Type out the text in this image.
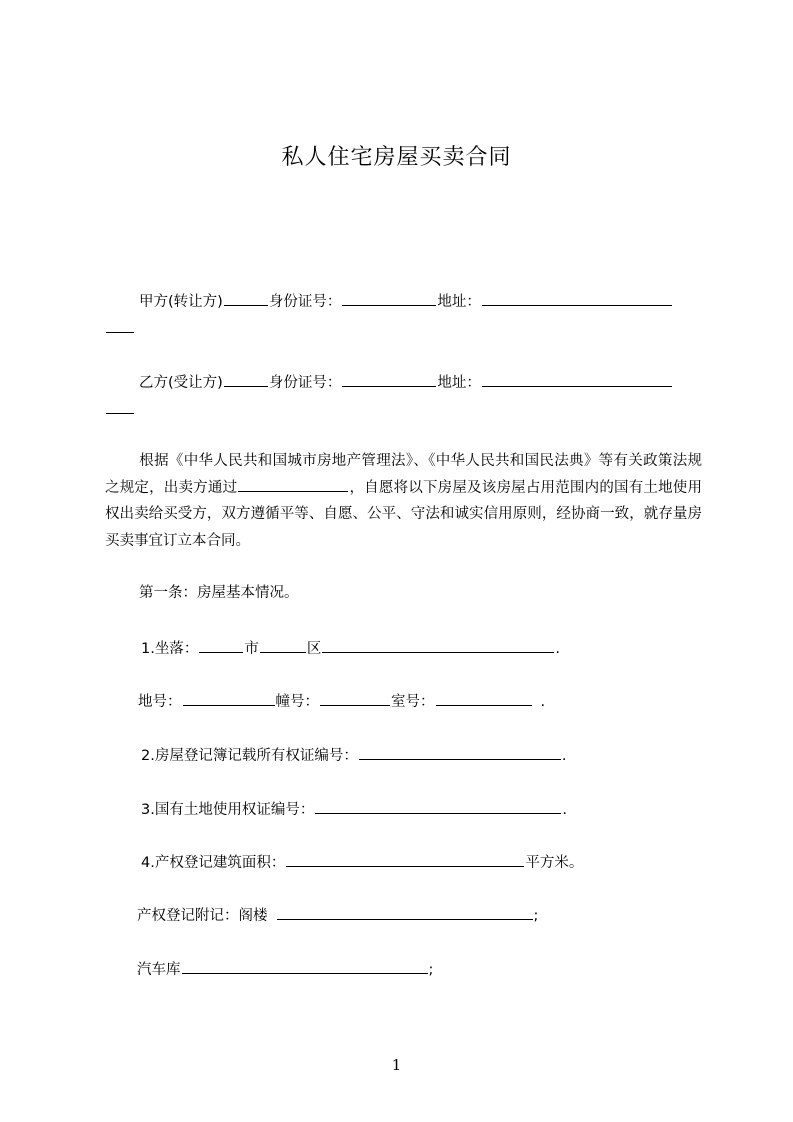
私人住宅房屋买卖合同
甲方(转让方)	身份证号：	地址：
乙方(受让方)	身份证号：	地址：
根据《中华人民共和国城市房地产管理法》、《中华人民共和国民法典》等有关政策法规之规定，出卖方通过	，自愿将以下房屋及该房屋占用范围内的国有土地使用权出卖给买受方，双方遵循平等、自愿、公平、守法和诚实信用原则，经协商一致，就存量房买卖事宜订立本合同。
第一条：房屋基本情况。
1.坐落：	市	区	.
地号：	幢号：	室号：	.
2.房屋登记簿记载所有权证编号：	.
3.国有土地使用权证编号：	.
4.产权登记建筑面积：	平方米。
产权登记附记：阁楼	;
汽车库	;
1
